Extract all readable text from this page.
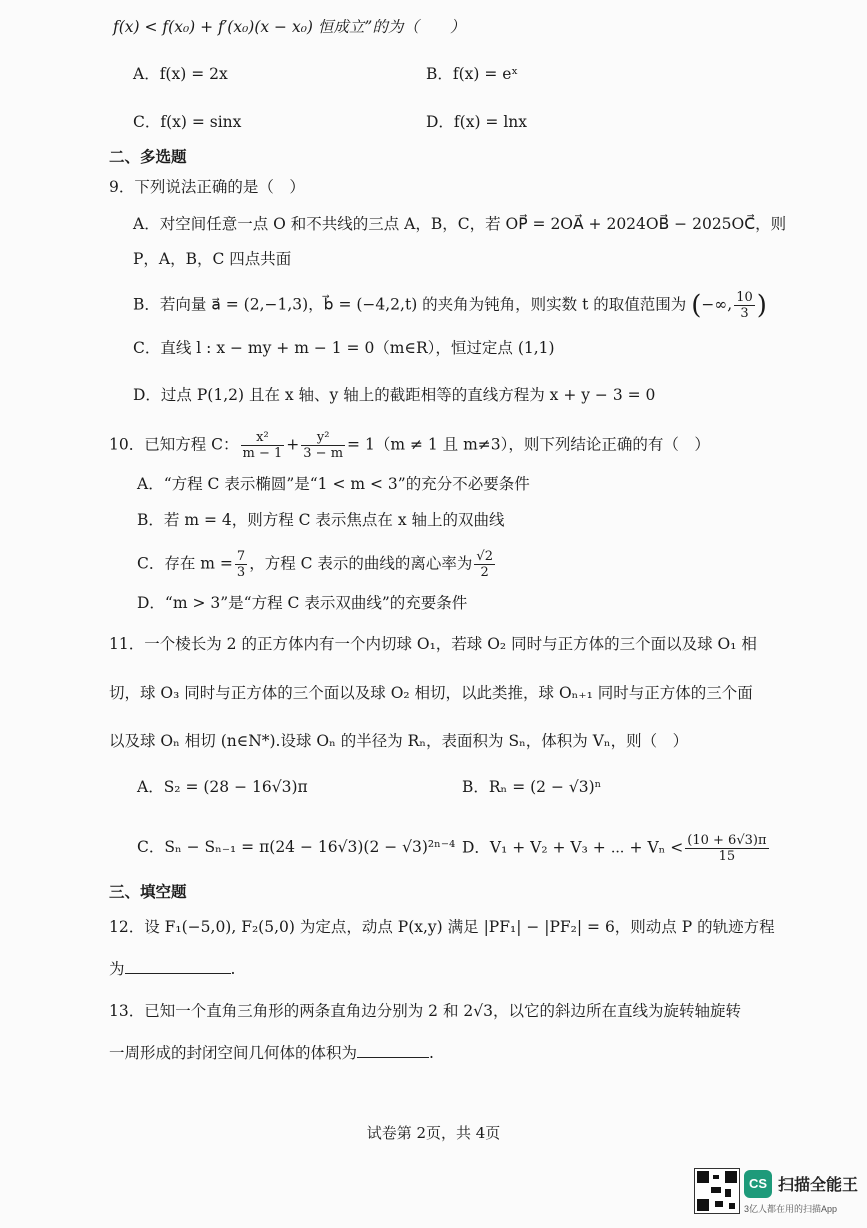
f(x) < f(x₀) + f′(x₀)(x − x₀) 恒成立”的为（　　）
A．f(x) = 2x	B．f(x) = eˣ
C．f(x) = sinx	D．f(x) = lnx
二、多选题
9．下列说法正确的是（　）
A．对空间任意一点 O 和不共线的三点 A，B，C，若 OP⃗ = 2OA⃗ + 2024OB⃗ − 2025OC⃗，则
P，A，B，C 四点共面
B．若向量 a⃗ = (2,−1,3)，b⃗ = (−4,2,t) 的夹角为钝角，则实数 t 的取值范围为 (−∞, $\frac{10}{3}$ )
C．直线 l : x − my + m − 1 = 0（m∈R），恒过定点 (1,1)
D．过点 P(1,2) 且在 x 轴、y 轴上的截距相等的直线方程为 x + y − 3 = 0
10．已知方程 C： $\frac{\text{x²}}{m - 1} + \frac{\text{y²}}{3 - m} = 1(m \ne 1$ 且 m≠3），则下列结论正确的有（　）
A．“方程 C 表示椭圆”是“1 < m < 3”的充分不必要条件
B．若 m = 4，则方程 C 表示焦点在 x 轴上的双曲线
C．存在 $m = \frac{7}{3}$ ，方程 C 表示的曲线的离心率为 $\frac{√2}{2}$
D．“m > 3”是“方程 C 表示双曲线”的充要条件
11．一个棱长为 2 的正方体内有一个内切球 O₁，若球 O₂ 同时与正方体的三个面以及球 O₁ 相
切，球 O₃ 同时与正方体的三个面以及球 O₂ 相切，以此类推，球 Oₙ₊₁ 同时与正方体的三个面
以及球 Oₙ 相切 (n∈N*).设球 Oₙ 的半径为 Rₙ，表面积为 Sₙ，体积为 Vₙ，则（　）
A．S₂ = (28 − 16√3)π	B．Rₙ = (2 − √3)ⁿ
C．Sₙ − Sₙ₋₁ = π(24 − 16√3)(2 − √3)²ⁿ⁻⁴ D．V₁ + V₂ + V₃ + ⋯ + $V_n < \frac{(10 + 6√3)\pi}{15}$
三、填空题
12．设 F₁(−5,0), F₂(5,0) 为定点，动点 P(x,y) 满足 |PF₁| − |PF₂| = 6，则动点 P 的轨迹方程
为	.
13．已知一个直角三角形的两条直角边分别为 2 和 2√3，以它的斜边所在直线为旋转轴旋转
一周形成的封闭空间几何体的体积为	.
试卷第 2页，共 4页
CS 扫描全能王
3亿人都在用的扫描App
